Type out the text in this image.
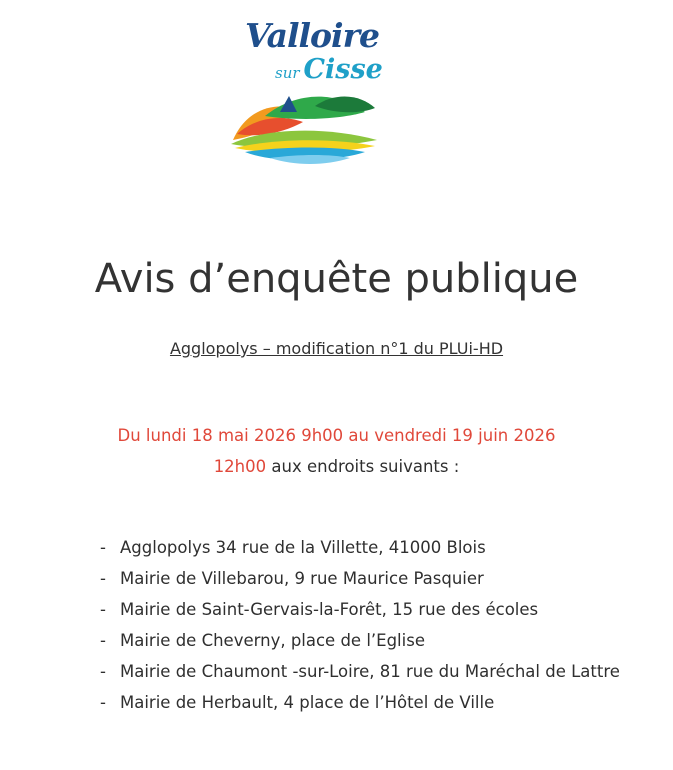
Valloire
sur Cisse
Avis d’enquête publique
Agglopolys – modification n°1 du PLUi-HD
Du lundi 18 mai 2026 9h00 au vendredi 19 juin 2026
12h00 aux endroits suivants :
- Agglopolys 34 rue de la Villette, 41000 Blois
- Mairie de Villebarou, 9 rue Maurice Pasquier
- Mairie de Saint-Gervais-la-Forêt, 15 rue des écoles
- Mairie de Cheverny, place de l’Eglise
- Mairie de Chaumont -sur-Loire, 81 rue du Maréchal de Lattre
- Mairie de Herbault, 4 place de l’Hôtel de Ville
